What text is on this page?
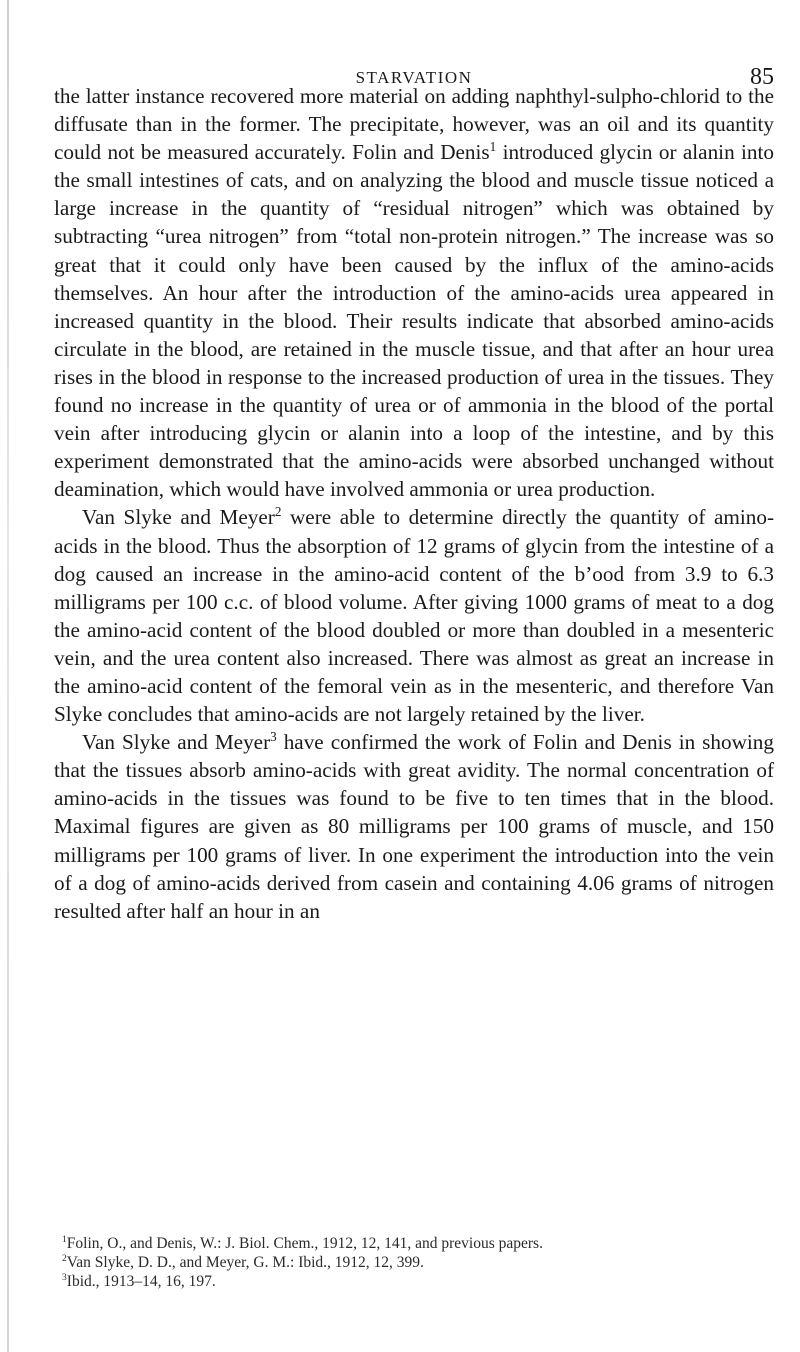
STARVATION	85

the latter instance recovered more material on adding naphthyl-sulpho-chlorid to the diffusate than in the former. The precipitate, however, was an oil and its quantity could not be measured accurately. Folin and Denis$^1$ introduced glycin or alanin into the small intestines of cats, and on analyzing the blood and muscle tissue noticed a large increase in the quantity of “residual nitrogen” which was obtained by subtracting “urea nitrogen” from “total non-protein nitrogen.” The increase was so great that it could only have been caused by the influx of the amino-acids themselves. An hour after the introduction of the amino-acids urea appeared in increased quantity in the blood. Their results indicate that absorbed amino-acids circulate in the blood, are retained in the muscle tissue, and that after an hour urea rises in the blood in response to the increased production of urea in the tissues. They found no increase in the quantity of urea or of ammonia in the blood of the portal vein after introducing glycin or alanin into a loop of the intestine, and by this experiment demonstrated that the amino-acids were absorbed unchanged without deamination, which would have involved ammonia or urea production.

Van Slyke and Meyer$^2$ were able to determine directly the quantity of amino-acids in the blood. Thus the absorption of 12 grams of glycin from the intestine of a dog caused an increase in the amino-acid content of the b’ood from 3.9 to 6.3 milligrams per 100 c.c. of blood volume. After giving 1000 grams of meat to a dog the amino-acid content of the blood doubled or more than doubled in a mesenteric vein, and the urea content also increased. There was almost as great an increase in the amino-acid content of the femoral vein as in the mesenteric, and therefore Van Slyke concludes that amino-acids are not largely retained by the liver.

Van Slyke and Meyer$^3$ have confirmed the work of Folin and Denis in showing that the tissues absorb amino-acids with great avidity. The normal concentration of amino-acids in the tissues was found to be five to ten times that in the blood. Maximal figures are given as 80 milligrams per 100 grams of muscle, and 150 milligrams per 100 grams of liver. In one experiment the introduction into the vein of a dog of amino-acids derived from casein and containing 4.06 grams of nitrogen resulted after half an hour in an

$^1$Folin, O., and Denis, W.: J. Biol. Chem., 1912, 12, 141, and previous papers.

$^2$Van Slyke, D. D., and Meyer, G. M.: Ibid., 1912, 12, 399.

$^3$Ibid., 1913–14, 16, 197.
